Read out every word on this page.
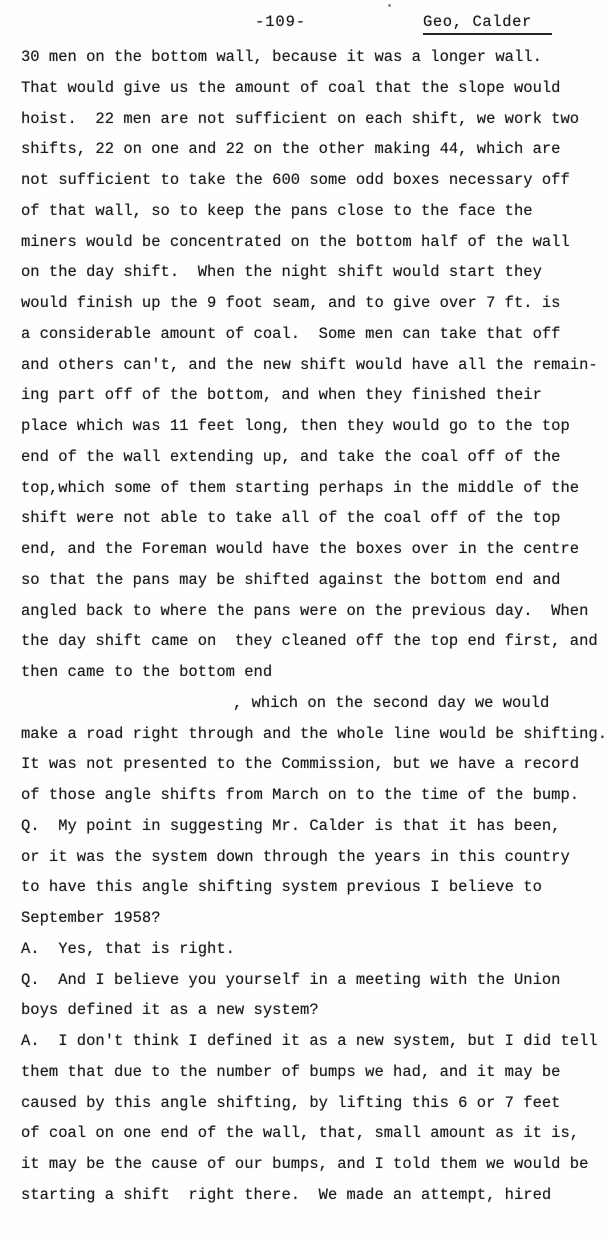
-109-	Geo, Calder
30 men on the bottom wall, because it was a longer wall.
That would give us the amount of coal that the slope would
hoist.  22 men are not sufficient on each shift, we work two
shifts, 22 on one and 22 on the other making 44, which are
not sufficient to take the 600 some odd boxes necessary off
of that wall, so to keep the pans close to the face the
miners would be concentrated on the bottom half of the wall
on the day shift.  When the night shift would start they
would finish up the 9 foot seam, and to give over 7 ft. is
a considerable amount of coal.  Some men can take that off
and others can't, and the new shift would have all the remain-
ing part off of the bottom, and when they finished their
place which was 11 feet long, then they would go to the top
end of the wall extending up, and take the coal off of the
top,which some of them starting perhaps in the middle of the
shift were not able to take all of the coal off of the top
end, and the Foreman would have the boxes over in the centre
so that the pans may be shifted against the bottom end and
angled back to where the pans were on the previous day.  When
the day shift came on  they cleaned off the top end first, and
then came to the bottom end
, which on the second day we would
make a road right through and the whole line would be shifting.
It was not presented to the Commission, but we have a record
of those angle shifts from March on to the time of the bump.
Q.  My point in suggesting Mr. Calder is that it has been,
or it was the system down through the years in this country
to have this angle shifting system previous I believe to
September 1958?
A.  Yes, that is right.
Q.  And I believe you yourself in a meeting with the Union
boys defined it as a new system?
A.  I don't think I defined it as a new system, but I did tell
them that due to the number of bumps we had, and it may be
caused by this angle shifting, by lifting this 6 or 7 feet
of coal on one end of the wall, that, small amount as it is,
it may be the cause of our bumps, and I told them we would be
starting a shift  right there.  We made an attempt, hired
